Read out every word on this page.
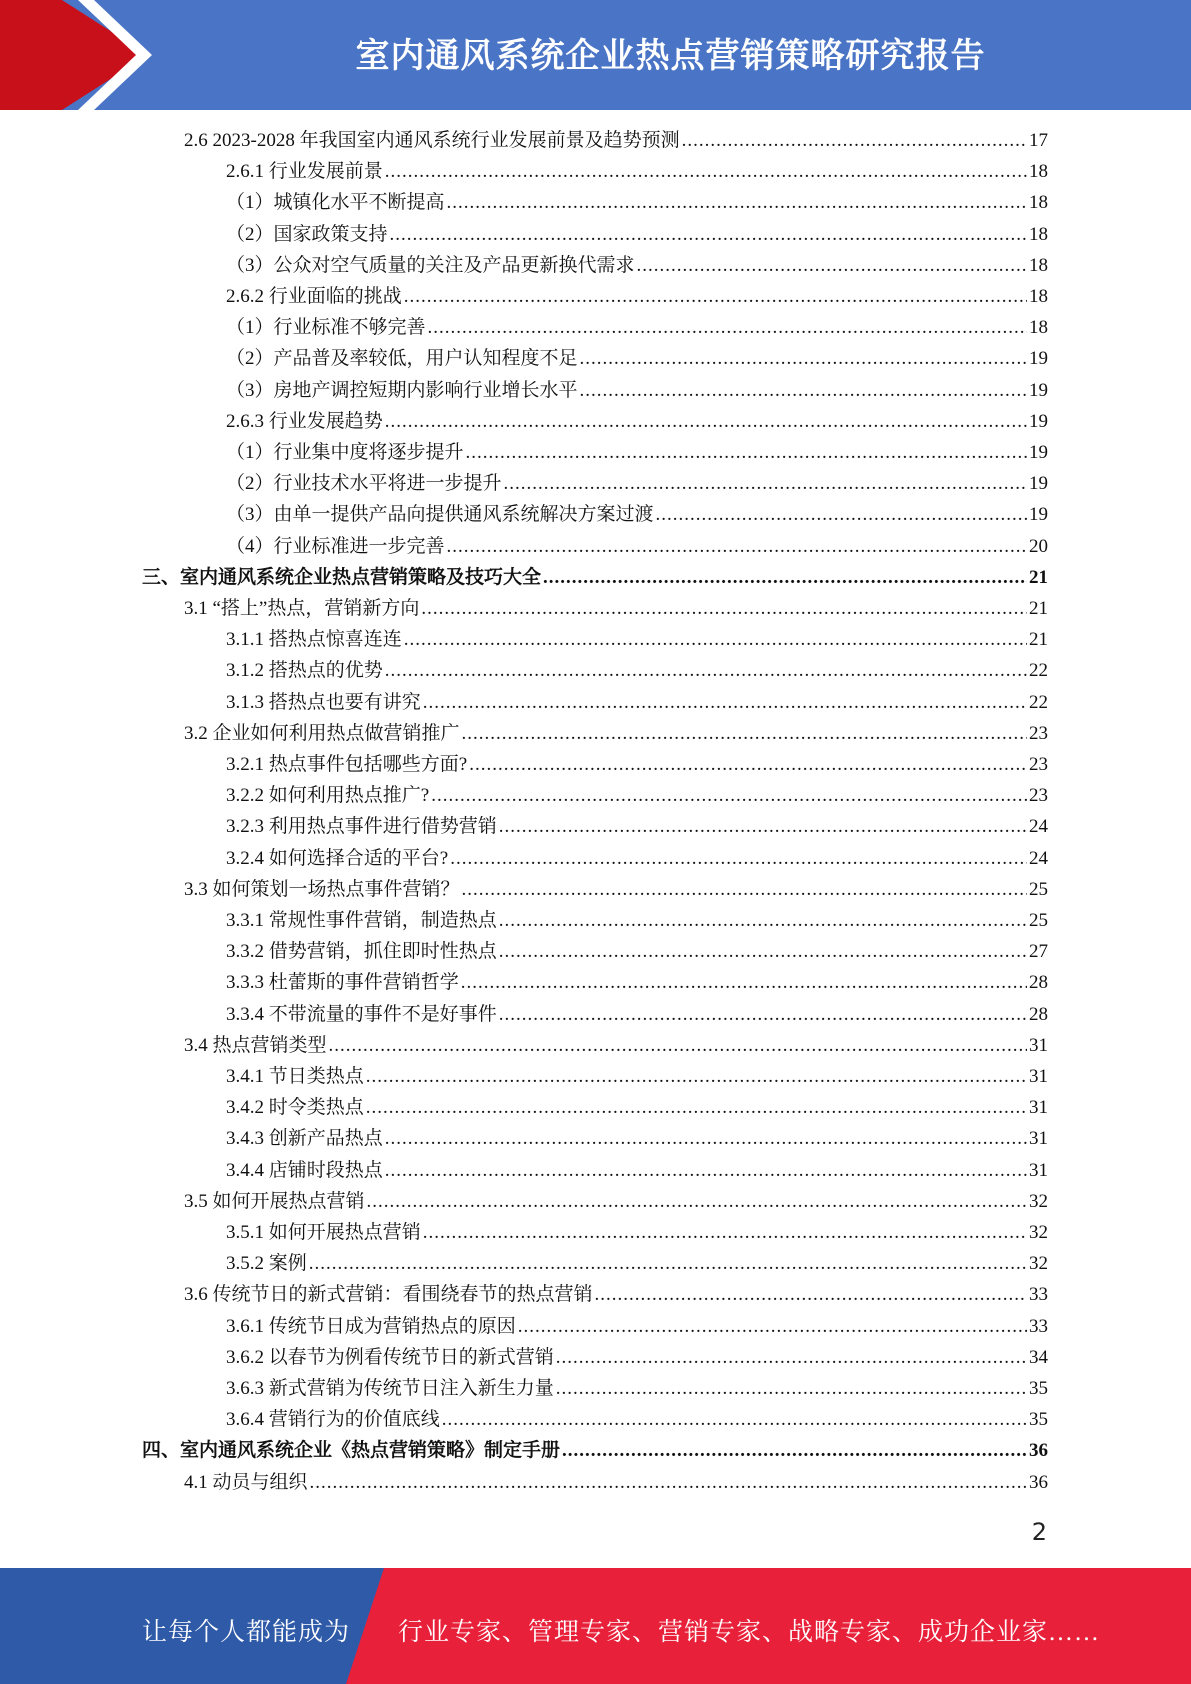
室内通风系统企业热点营销策略研究报告
2.6 2023-2028 年我国室内通风系统行业发展前景及趋势预测 .....	17
2.6.1 行业发展前景 .....	18
（1）城镇化水平不断提高 .....	18
（2）国家政策支持 .....	18
（3）公众对空气质量的关注及产品更新换代需求 .....	18
2.6.2 行业面临的挑战 .....	18
（1）行业标准不够完善 .....	18
（2）产品普及率较低，用户认知程度不足 .....	19
（3）房地产调控短期内影响行业增长水平 .....	19
2.6.3 行业发展趋势 .....	19
（1）行业集中度将逐步提升 .....	19
（2）行业技术水平将进一步提升 .....	19
（3）由单一提供产品向提供通风系统解决方案过渡 .....	19
（4）行业标准进一步完善 .....	20
三、室内通风系统企业热点营销策略及技巧大全 .....	21
3.1 “搭上”热点，营销新方向 .....	21
3.1.1 搭热点惊喜连连 .....	21
3.1.2 搭热点的优势 .....	22
3.1.3 搭热点也要有讲究 .....	22
3.2 企业如何利用热点做营销推广 .....	23
3.2.1 热点事件包括哪些方面? .....	23
3.2.2 如何利用热点推广? .....	23
3.2.3 利用热点事件进行借势营销 .....	24
3.2.4 如何选择合适的平台? .....	24
3.3 如何策划一场热点事件营销？ .....	25
3.3.1 常规性事件营销，制造热点 .....	25
3.3.2 借势营销，抓住即时性热点 .....	27
3.3.3 杜蕾斯的事件营销哲学 .....	28
3.3.4 不带流量的事件不是好事件 .....	28
3.4 热点营销类型 .....	31
3.4.1 节日类热点 .....	31
3.4.2 时令类热点 .....	31
3.4.3 创新产品热点 .....	31
3.4.4 店铺时段热点 .....	31
3.5 如何开展热点营销 .....	32
3.5.1 如何开展热点营销 .....	32
3.5.2 案例 .....	32
3.6 传统节日的新式营销：看围绕春节的热点营销 .....	33
3.6.1 传统节日成为营销热点的原因 .....	33
3.6.2 以春节为例看传统节日的新式营销 .....	34
3.6.3 新式营销为传统节日注入新生力量 .....	35
3.6.4 营销行为的价值底线 .....	35
四、室内通风系统企业《热点营销策略》制定手册 .....	36
4.1 动员与组织 .....	36
2
让每个人都能成为 行业专家、管理专家、营销专家、战略专家、成功企业家……
